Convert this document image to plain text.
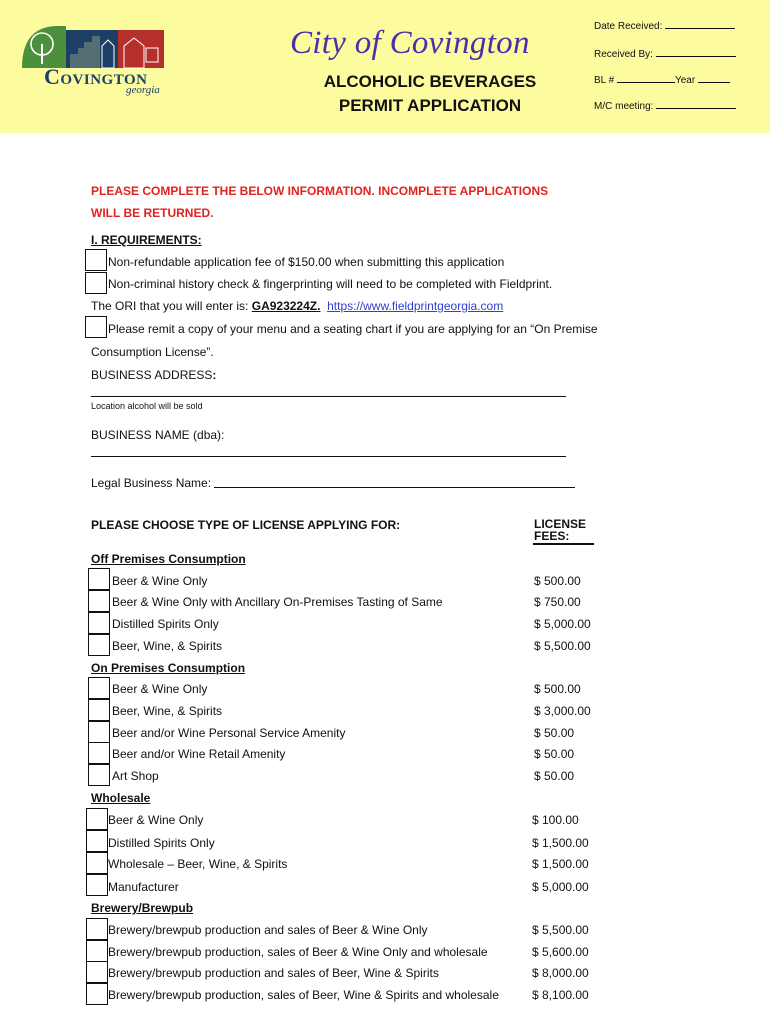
Covington
georgia
City of Covington
ALCOHOLIC BEVERAGES
PERMIT APPLICATION
Date Received:
Received By:
BL #	Year
M/C meeting:
PLEASE COMPLETE THE BELOW INFORMATION. INCOMPLETE APPLICATIONS
WILL BE RETURNED.
I. REQUIREMENTS:
Non-refundable application fee of $150.00 when submitting this application
Non-criminal history check & fingerprinting will need to be completed with Fieldprint.
The ORI that you will enter is: GA923224Z. https://www.fieldprintgeorgia.com
Please remit a copy of your menu and a seating chart if you are applying for an “On Premise
Consumption License”.
BUSINESS ADDRESS:
Location alcohol will be sold
BUSINESS NAME (dba):
Legal Business Name:
PLEASE CHOOSE TYPE OF LICENSE APPLYING FOR:	LICENSE
FEES:
Off Premises Consumption
Beer & Wine Only	$ 500.00
Beer & Wine Only with Ancillary On-Premises Tasting of Same	$ 750.00
Distilled Spirits Only	$ 5,000.00
Beer, Wine, & Spirits	$ 5,500.00
On Premises Consumption
Beer & Wine Only	$ 500.00
Beer, Wine, & Spirits	$ 3,000.00
Beer and/or Wine Personal Service Amenity	$ 50.00
Beer and/or Wine Retail Amenity	$ 50.00
Art Shop	$ 50.00
Wholesale
Beer & Wine Only	$ 100.00
Distilled Spirits Only	$ 1,500.00
Wholesale – Beer, Wine, & Spirits	$ 1,500.00
Manufacturer	$ 5,000.00
Brewery/Brewpub
Brewery/brewpub production and sales of Beer & Wine Only	$ 5,500.00
Brewery/brewpub production, sales of Beer & Wine Only and wholesale	$ 5,600.00
Brewery/brewpub production and sales of Beer, Wine & Spirits	$ 8,000.00
Brewery/brewpub production, sales of Beer, Wine & Spirits and wholesale	$ 8,100.00
